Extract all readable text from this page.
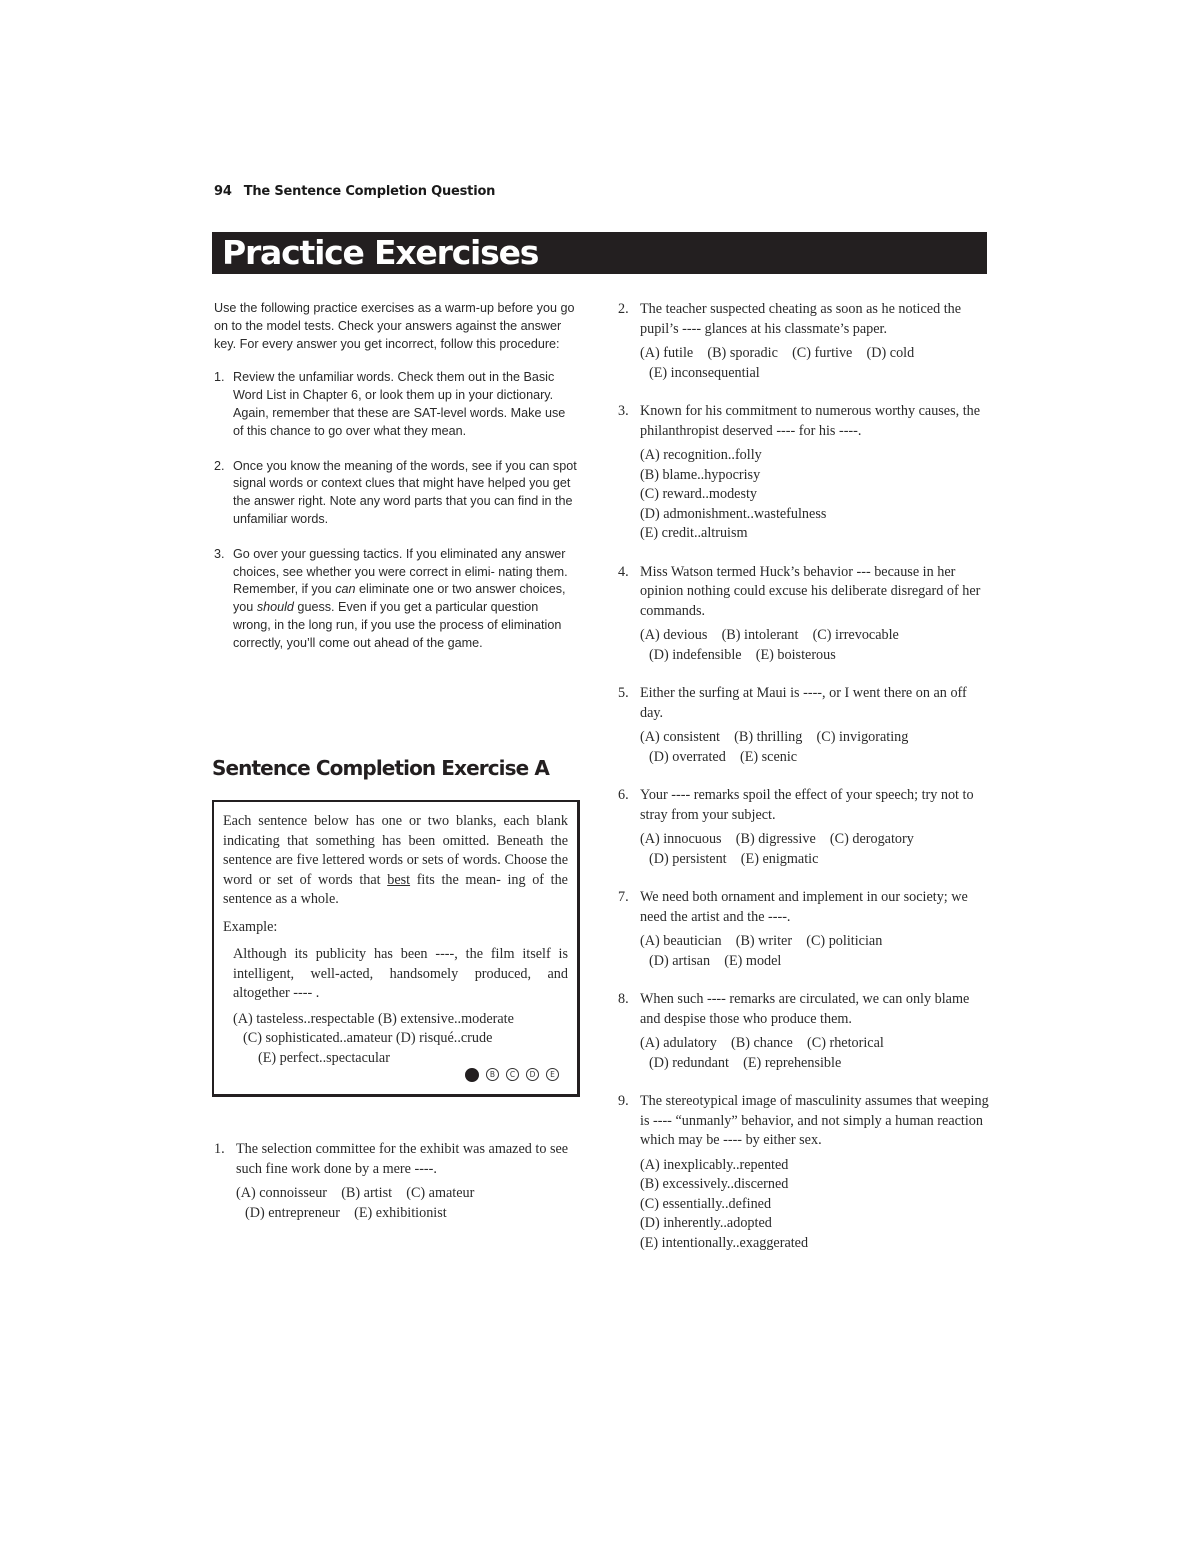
94 The Sentence Completion Question
Practice Exercises

Use the following practice exercises as a warm-up before you go on to the model tests. Check your answers against the answer key. For every answer you get incorrect, follow this procedure:

1. Review the unfamiliar words. Check them out in the Basic Word List in Chapter 6, or look them up in your dictionary. Again, remember that these are SAT-level words. Make use of this chance to go over what they mean.
2. Once you know the meaning of the words, see if you can spot signal words or context clues that might have helped you get the answer right. Note any word parts that you can find in the unfamiliar words.
3. Go over your guessing tactics. If you eliminated any answer choices, see whether you were correct in elimi- nating them. Remember, if you can eliminate one or two answer choices, you should guess. Even if you get a particular question wrong, in the long run, if you use the process of elimination correctly, you’ll come out ahead of the game.
Sentence Completion Exercise A

Each sentence below has one or two blanks, each blank indicating that something has been omitted. Beneath the sentence are five lettered words or sets of words. Choose the word or set of words that best fits the mean- ing of the sentence as a whole.

Example:

Although its publicity has been ----, the film itself is intelligent, well-acted, handsomely produced, and altogether ---- .

(A) tasteless..respectable (B) extensive..moderate
(C) sophisticated..amateur (D) risqué..crude
(E) perfect..spectacular
B	C	D	E
1. The selection committee for the exhibit was amazed to see such fine work done by a mere ----.
(A) connoisseur    (B) artist    (C) amateur
(D) entrepreneur    (E) exhibitionist
2. The teacher suspected cheating as soon as he noticed the pupil’s ---- glances at his classmate’s paper.
(A) futile    (B) sporadic    (C) furtive    (D) cold
(E) inconsequential
3. Known for his commitment to numerous worthy causes, the philanthropist deserved ---- for his ----.
(A) recognition..folly
(B) blame..hypocrisy
(C) reward..modesty
(D) admonishment..wastefulness
(E) credit..altruism
4. Miss Watson termed Huck’s behavior --- because in her opinion nothing could excuse his deliberate disregard of her commands.
(A) devious    (B) intolerant    (C) irrevocable
(D) indefensible    (E) boisterous
5. Either the surfing at Maui is ----, or I went there on an off day.
(A) consistent    (B) thrilling    (C) invigorating
(D) overrated    (E) scenic
6. Your ---- remarks spoil the effect of your speech; try not to stray from your subject.
(A) innocuous    (B) digressive    (C) derogatory
(D) persistent    (E) enigmatic
7. We need both ornament and implement in our society; we need the artist and the ----.
(A) beautician    (B) writer    (C) politician
(D) artisan    (E) model
8. When such ---- remarks are circulated, we can only blame and despise those who produce them.
(A) adulatory    (B) chance    (C) rhetorical
(D) redundant    (E) reprehensible
9. The stereotypical image of masculinity assumes that weeping is ---- “unmanly” behavior, and not simply a human reaction which may be ---- by either sex.
(A) inexplicably..repented
(B) excessively..discerned
(C) essentially..defined
(D) inherently..adopted
(E) intentionally..exaggerated
